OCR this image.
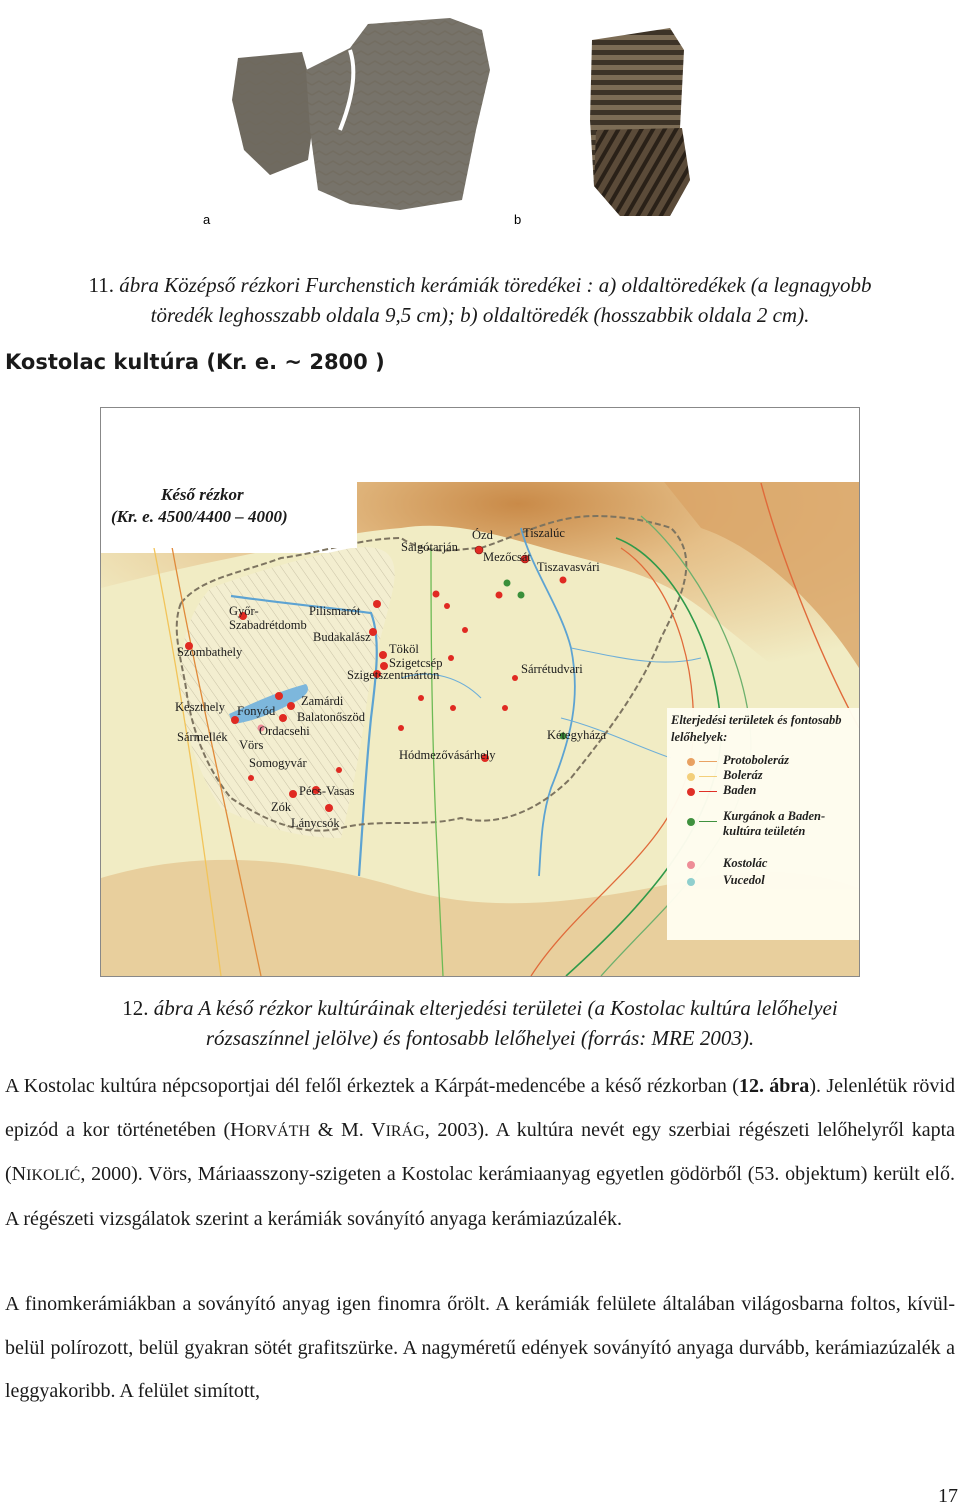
a	b
11. ábra Középső rézkori Furchenstich kerámiák töredékei : a) oldaltöredékek (a legnagyobb
töredék leghosszabb oldala 9,5 cm); b) oldaltöredék (hosszabbik oldala 2 cm).
Kostolac kultúra (Kr. e. ~ 2800 )
Késő rézkor
(Kr. e. 4500/4400 – 4000)
Ózd Tiszalúc
Salgótarján
Mezőcsát
Tiszavasvári
Győr-
Szabadrétdomb
Pilismarót
Budakalász
Szombathely	Tököl
Szigetcsép
Szigetszentmárton	Sárrétudvari
Keszthely Fonyód
Zamárdi
Balatonőszöd
Sármellék	Ordacsehi
Vörs
Kétegyháza
Hódmezővásárhely
Somogyvár
Pécs-Vasas
Zók
Lánycsók
Elterjedési területek és fontosabb lelőhelyek:
Protoboleráz
Boleráz
Baden
Kurgánok a Baden-kultúra teületén
Kostolác
Vucedol
12. ábra A késő rézkor kultúráinak elterjedési területei (a Kostolac kultúra lelőhelyei
rózsaszínnel jelölve) és fontosabb lelőhelyei (forrás: MRE 2003).
A Kostolac kultúra népcsoportjai dél felől érkeztek a Kárpát-medencébe a késő rézkorban (12. ábra). Jelenlétük rövid epizód a kor történetében (HORVÁTH & M. VIRÁG, 2003). A kultúra nevét egy szerbiai régészeti lelőhelyről kapta (NIKOLIĆ, 2000). Vörs, Máriaasszony-szigeten a Kostolac kerámiaanyag egyetlen gödörből (53. objektum) került elő. A régészeti vizsgálatok szerint a kerámiák soványító anyaga kerámiazúzalék.
A finomkerámiákban a soványító anyag igen finomra őrölt. A kerámiák felülete általában világosbarna foltos, kívül-belül polírozott, belül gyakran sötét grafitszürke. A nagyméretű edények soványító anyaga durvább, kerámiazúzalék a leggyakoribb. A felület simított,
17
